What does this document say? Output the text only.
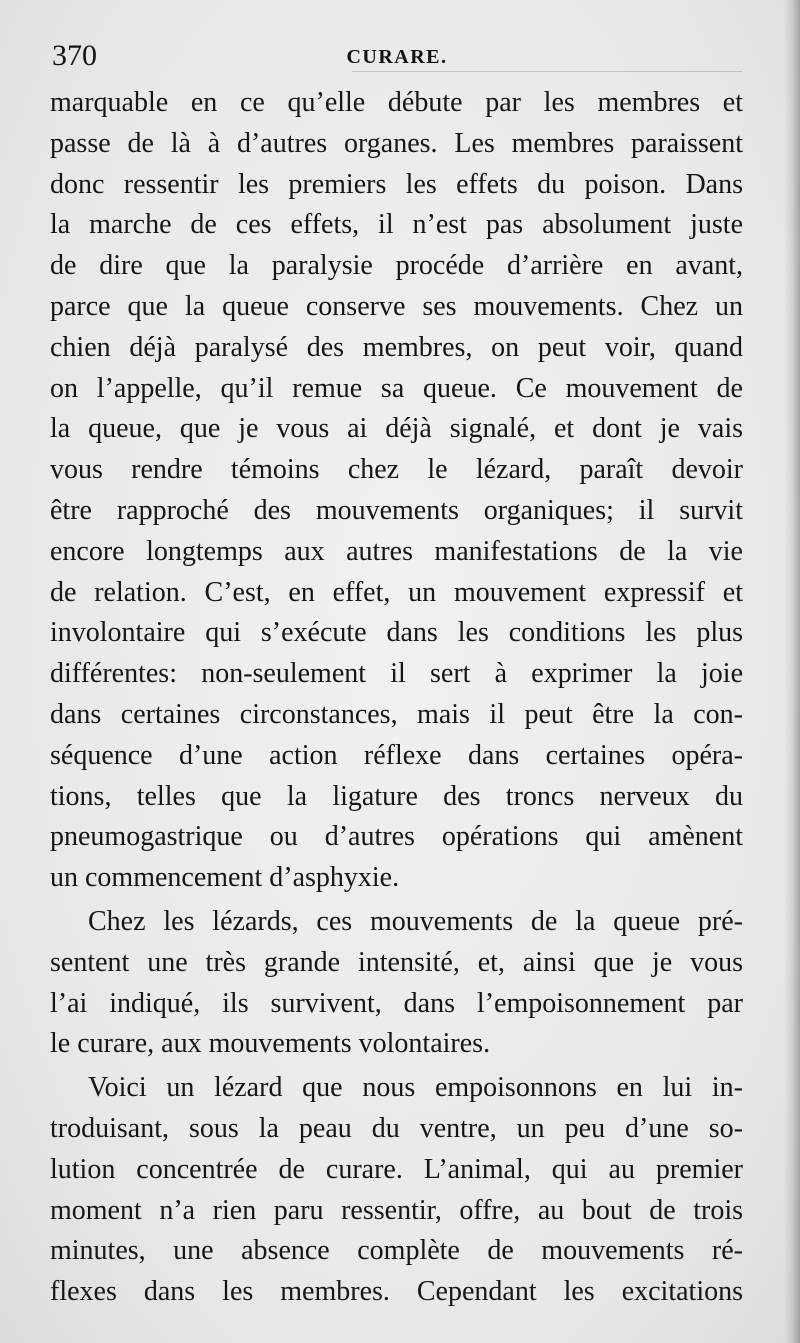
370	CURARE.
marquable en ce qu’elle débute par les membres et
passe de là à d’autres organes. Les membres paraissent
donc ressentir les premiers les effets du poison. Dans
la marche de ces effets, il n’est pas absolument juste
de dire que la paralysie procéde d’arrière en avant,
parce que la queue conserve ses mouvements. Chez un
chien déjà paralysé des membres, on peut voir, quand
on l’appelle, qu’il remue sa queue. Ce mouvement de
la queue, que je vous ai déjà signalé, et dont je vais
vous rendre témoins chez le lézard, paraît devoir
être rapproché des mouvements organiques; il survit
encore longtemps aux autres manifestations de la vie
de relation. C’est, en effet, un mouvement expressif et
involontaire qui s’exécute dans les conditions les plus
différentes: non-seulement il sert à exprimer la joie
dans certaines circonstances, mais il peut être la con-
séquence d’une action réflexe dans certaines opéra-
tions, telles que la ligature des troncs nerveux du
pneumogastrique ou d’autres opérations qui amènent
un commencement d’asphyxie.
Chez les lézards, ces mouvements de la queue pré-
sentent une très grande intensité, et, ainsi que je vous
l’ai indiqué, ils survivent, dans l’empoisonnement par
le curare, aux mouvements volontaires.
Voici un lézard que nous empoisonnons en lui in-
troduisant, sous la peau du ventre, un peu d’une so-
lution concentrée de curare. L’animal, qui au premier
moment n’a rien paru ressentir, offre, au bout de trois
minutes, une absence complète de mouvements ré-
flexes dans les membres. Cependant les excitations
